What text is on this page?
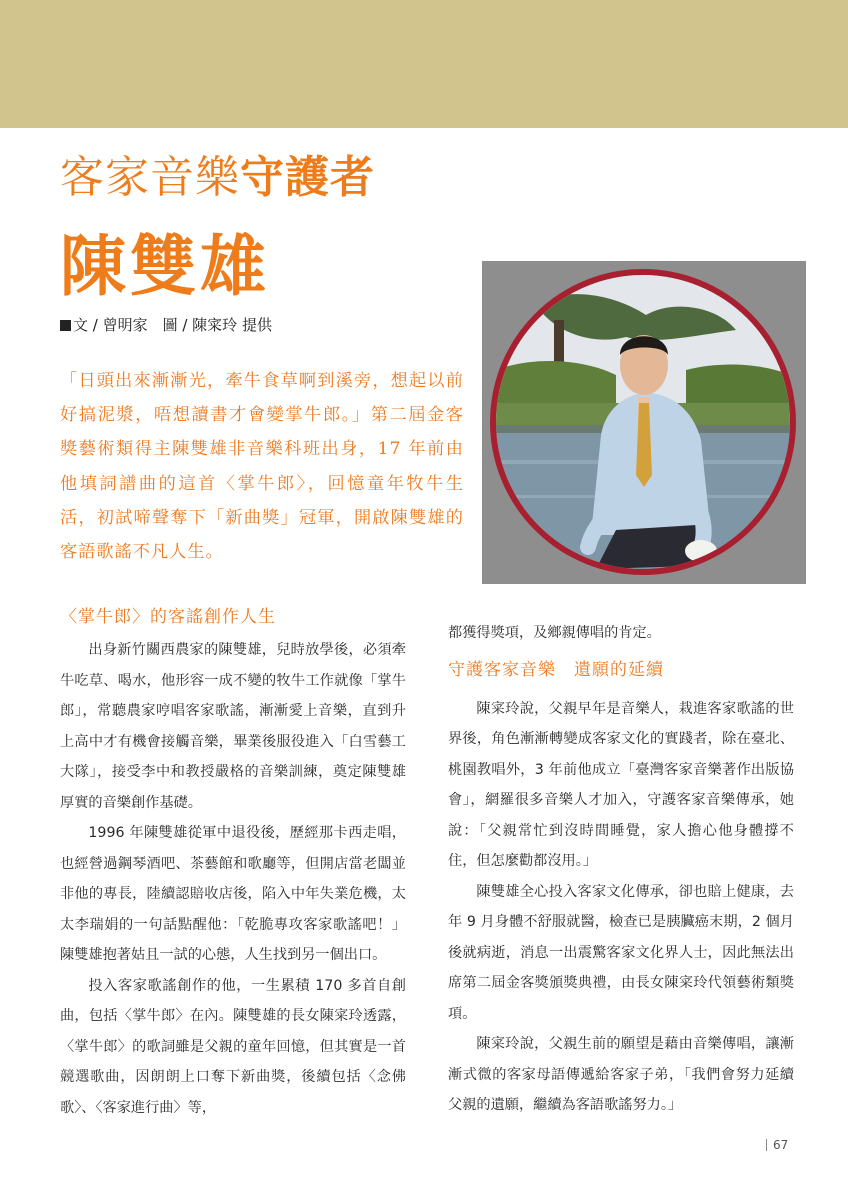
客家音樂守護者
陳雙雄
文 / 曾明家　圖 / 陳寀玲 提供

「日頭出來漸漸光，牽牛食草啊到溪旁，想起以前好搞泥漿，唔想讀書才會變掌牛郎。」第二屆金客獎藝術類得主陳雙雄非音樂科班出身，17 年前由他填詞譜曲的這首〈掌牛郎〉，回憶童年牧牛生活，初試啼聲奪下「新曲獎」冠軍，開啟陳雙雄的客語歌謠不凡人生。

〈掌牛郎〉的客謠創作人生

出身新竹關西農家的陳雙雄，兒時放學後，必須牽牛吃草、喝水，他形容一成不變的牧牛工作就像「掌牛郎」，常聽農家哼唱客家歌謠，漸漸愛上音樂，直到升上高中才有機會接觸音樂，畢業後服役進入「白雪藝工大隊」，接受李中和教授嚴格的音樂訓練，奠定陳雙雄厚實的音樂創作基礎。

1996 年陳雙雄從軍中退役後，歷經那卡西走唱，也經營過鋼琴酒吧、茶藝館和歌廳等，但開店當老闆並非他的專長，陸續認賠收店後，陷入中年失業危機，太太李瑞娟的一句話點醒他：「乾脆專攻客家歌謠吧！」陳雙雄抱著姑且一試的心態，人生找到另一個出口。

投入客家歌謠創作的他，一生累積 170 多首自創曲，包括〈掌牛郎〉在內。陳雙雄的長女陳寀玲透露，〈掌牛郎〉的歌詞雖是父親的童年回憶，但其實是一首競選歌曲，因朗朗上口奪下新曲獎，後續包括〈念佛歌〉、〈客家進行曲〉等，

都獲得獎項，及鄉親傳唱的肯定。

守護客家音樂　遺願的延續

陳寀玲說，父親早年是音樂人，栽進客家歌謠的世界後，角色漸漸轉變成客家文化的實踐者，除在臺北、桃園教唱外，3 年前他成立「臺灣客家音樂著作出版協會」，網羅很多音樂人才加入，守護客家音樂傳承，她說：「父親常忙到沒時間睡覺，家人擔心他身體撐不住，但怎麼勸都沒用。」

陳雙雄全心投入客家文化傳承，卻也賠上健康，去年 9 月身體不舒服就醫，檢查已是胰臟癌末期，2 個月後就病逝，消息一出震驚客家文化界人士，因此無法出席第二屆金客獎頒獎典禮，由長女陳寀玲代領藝術類獎項。

陳寀玲說，父親生前的願望是藉由音樂傳唱，讓漸漸式微的客家母語傳遞給客家子弟，「我們會努力延續父親的遺願，繼續為客語歌謠努力。」

67
